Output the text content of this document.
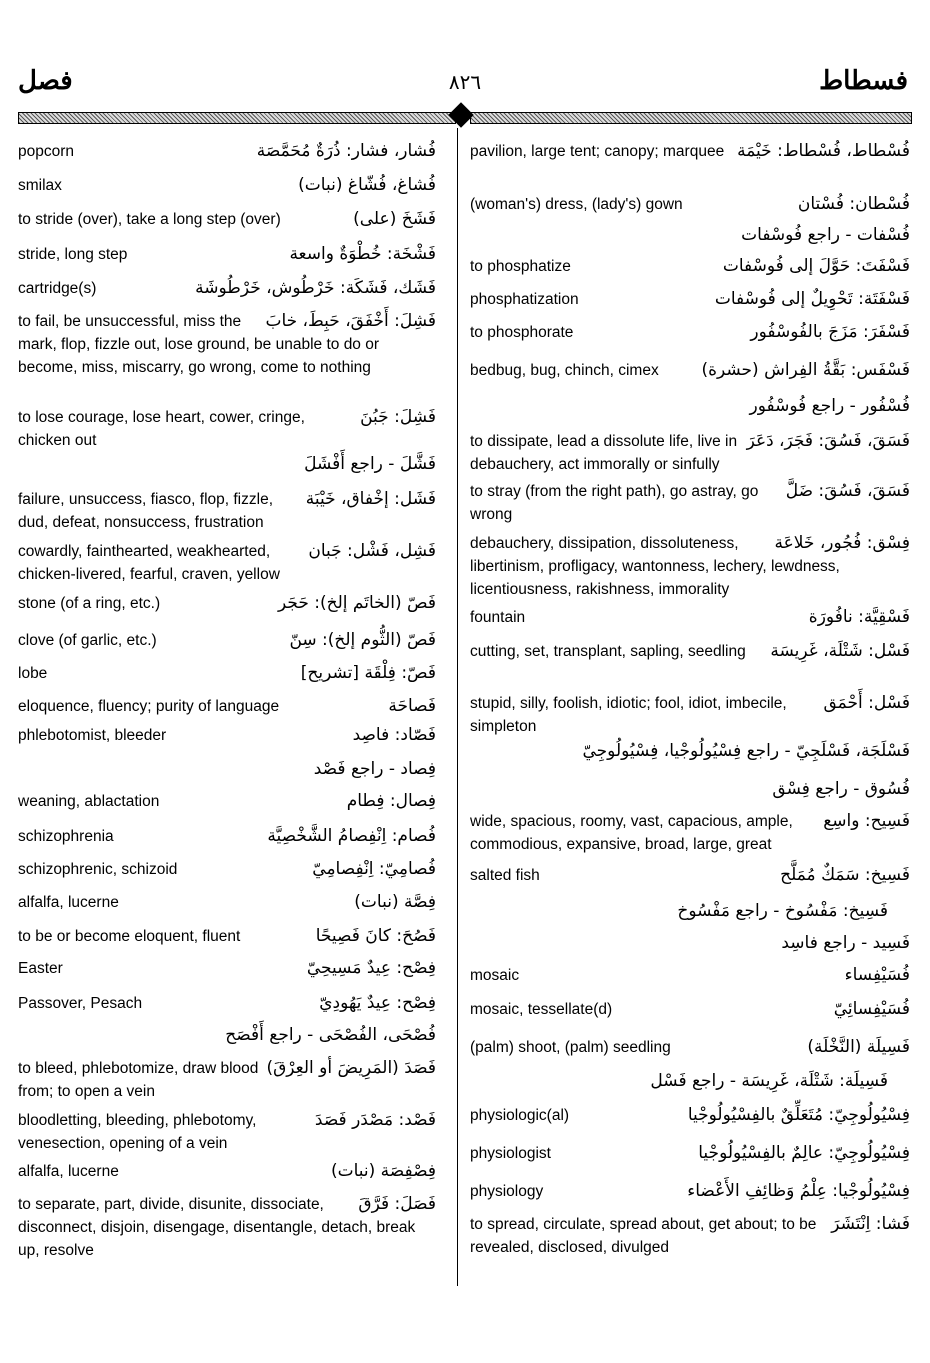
فصل	٨٢٦	فسطاط
فُشار، فشار: ذُرَةٌ مُحَمَّصَة
popcorn
فُشاغ، فُشّاغ (نبات)
smilax
فَشَخَ (على)
to stride (over), take a long step (over)
فَشْخَة: خُطْوَةٌ واسعة
stride, long step
فَشَك، فَشَكَة: خَرْطُوش، خَرْطُوشَة
cartridge(s)
فَشِلَ: أَخْفَقَ، حَبِطَ، خابَ
to fail, be unsuccessful, miss the mark, flop, fizzle out, lose ground, be unable to do or become, miss, miscarry, go wrong, come to nothing
فَشِلَ: جَبُنَ
to lose courage, lose heart, cower, cringe, chicken out
فَشَّلَ - راجع أَفْشَلَ
فَشَل: إخْفاق، خَيْبَة
failure, unsuccess, fiasco, flop, fizzle, dud, defeat, nonsuccess, frustration
فَشِل، فَشْل: جَبان
cowardly, fainthearted, weakhearted, chicken-livered, fearful, craven, yellow
فَصّ (الخاتَم إلخ): حَجَر
stone (of a ring, etc.)
فَصّ (الثُّوم إلخ): سِنّ
clove (of garlic, etc.)
فَصّ: فِلْقَة [تشريح]
lobe
فَصاحَة
eloquence, fluency; purity of language
فَصّاد: فاصِد
phlebotomist, bleeder
فِصاد - راجع فَصْد
فِصال: فِطام
weaning, ablactation
فُصام: اِنْفِصامُ الشَّخْصِيَّة
schizophrenia
فُصامِيّ: اِنْفِصامِيّ
schizophrenic, schizoid
فِصَّة (نبات)
alfalfa, lucerne
فَصُحَ: كانَ فَصِيحًا
to be or become eloquent, fluent
فِصْح: عِيدٌ مَسِيحِيّ
Easter
فِصْح: عِيدٌ يَهُودِيّ
Passover, Pesach
فُصْحَى، الفُصْحَى - راجع أَفْصَح
فَصَدَ (المَرِيضَ أو العِرْقَ)
to bleed, phlebotomize, draw blood from; to open a vein
فَصْد: مَصْدَر فَصَدَ
bloodletting, bleeding, phlebotomy, venesection, opening of a vein
فِصْفِصَة (نبات)
alfalfa, lucerne
فَصَلَ: فَرَّقَ
to separate, part, divide, disunite, dissociate, disconnect, disjoin, disengage, disentangle, detach, break up, resolve
فُسْطاط، فُسْطاط: خَيْمَة
pavilion, large tent; canopy; marquee
فُسْطان: فُسْتان
(woman's) dress, (lady's) gown
فُسْفات - راجع فُوسْفات
فَسْفَتَ: حَوَّلَ إلى فُوسْفات
to phosphatize
فَسْفَتَة: تَحْوِيلٌ إلى فُوسْفات
phosphatization
فَسْفَرَ: مَزَجَ بالفُوسْفُور
to phosphorate
فَسْفَس: بَقَّةُ الفِراش (حشرة)
bedbug, bug, chinch, cimex
فُسْفُور - راجع فُوسْفُور
فَسَقَ، فَسُقَ: فَجَرَ، دَعَرَ
to dissipate, lead a dissolute life, live in debauchery, act immorally or sinfully
فَسَقَ، فَسُقَ: ضَلَّ
to stray (from the right path), go astray, go wrong
فِسْق: فُجُور، خَلاعَة
debauchery, dissipation, dissoluteness, libertinism, profligacy, wantonness, lechery, lewdness, licentiousness, rakishness, immorality
فَسْقِيَّة: نافُورَة
fountain
فَسْل: شَتْلَة، غَرِيسَة
cutting, set, transplant, sapling, seedling
فَسْل: أَحْمَق
stupid, silly, foolish, idiotic; fool, idiot, imbecile, simpleton
فَسْلَجَة، فَسْلَجِيّ - راجع فِسْيُولُوجْيا، فِسْيُولُوجِيّ
فُسُوق - راجع فِسْق
فَسِيح: واسِع
wide, spacious, roomy, vast, capacious, ample, commodious, expansive, broad, large, great
فَسِيخ: سَمَكٌ مُمَلَّح
salted fish
فَسِيخ: مَفْسُوخ - راجع مَفْسُوخ
فَسِيد - راجع فاسِد
فُسَيْفِساء
mosaic
فُسَيْفِسائِيّ
mosaic, tessellate(d)
فَسِيلَة (النَّخْلَة)
(palm) shoot, (palm) seedling
فَسِيلَة: شَتْلَة، غَرِيسَة - راجع فَسْل
فِسْيُولُوجِيّ: مُتَعَلِّقٌ بالفِسْيُولُوجْيا
physiologic(al)
فِسْيُولُوجِيّ: عالِمٌ بالفِسْيُولُوجْيا
physiologist
فِسْيُولُوجْيا: عِلْمُ وَظائِفِ الأَعْضاء
physiology
فَشا: اِنْتَشَرَ
to spread, circulate, spread about, get about; to be revealed, disclosed, divulged
